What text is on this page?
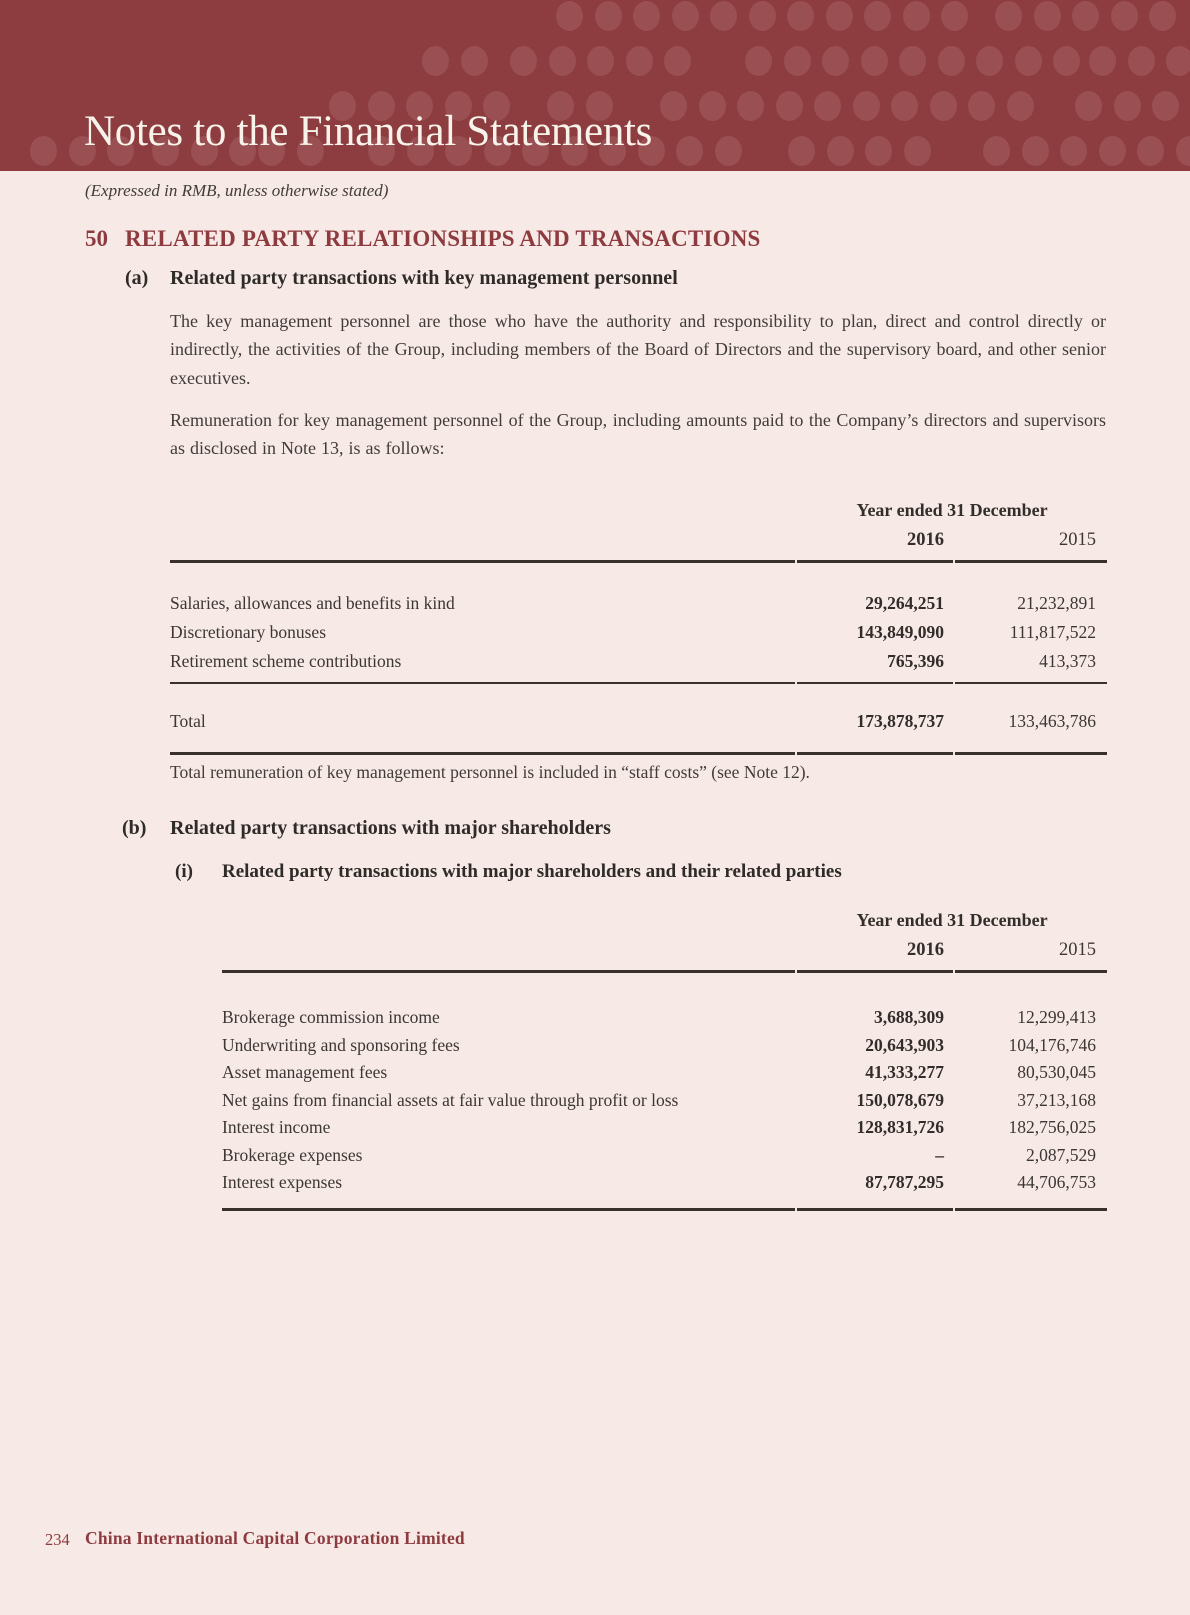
Notes to the Financial Statements
(Expressed in RMB, unless otherwise stated)
50 RELATED PARTY RELATIONSHIPS AND TRANSACTIONS
(a) Related party transactions with key management personnel
The key management personnel are those who have the authority and responsibility to plan, direct and control directly or indirectly, the activities of the Group, including members of the Board of Directors and the supervisory board, and other senior executives.
Remuneration for key management personnel of the Group, including amounts paid to the Company’s directors and supervisors as disclosed in Note 13, is as follows:
Year ended 31 December
2016	2015
Salaries, allowances and benefits in kind	29,264,251	21,232,891
Discretionary bonuses	143,849,090	111,817,522
Retirement scheme contributions	765,396	413,373
Total	173,878,737	133,463,786
Total remuneration of key management personnel is included in “staff costs” (see Note 12).
(b) Related party transactions with major shareholders
(i) Related party transactions with major shareholders and their related parties
Year ended 31 December
2016	2015
Brokerage commission income	3,688,309	12,299,413
Underwriting and sponsoring fees	20,643,903	104,176,746
Asset management fees	41,333,277	80,530,045
Net gains from financial assets at fair value through profit or loss	150,078,679	37,213,168
Interest income	128,831,726	182,756,025
Brokerage expenses	–	2,087,529
Interest expenses	87,787,295	44,706,753
234 China International Capital Corporation Limited
